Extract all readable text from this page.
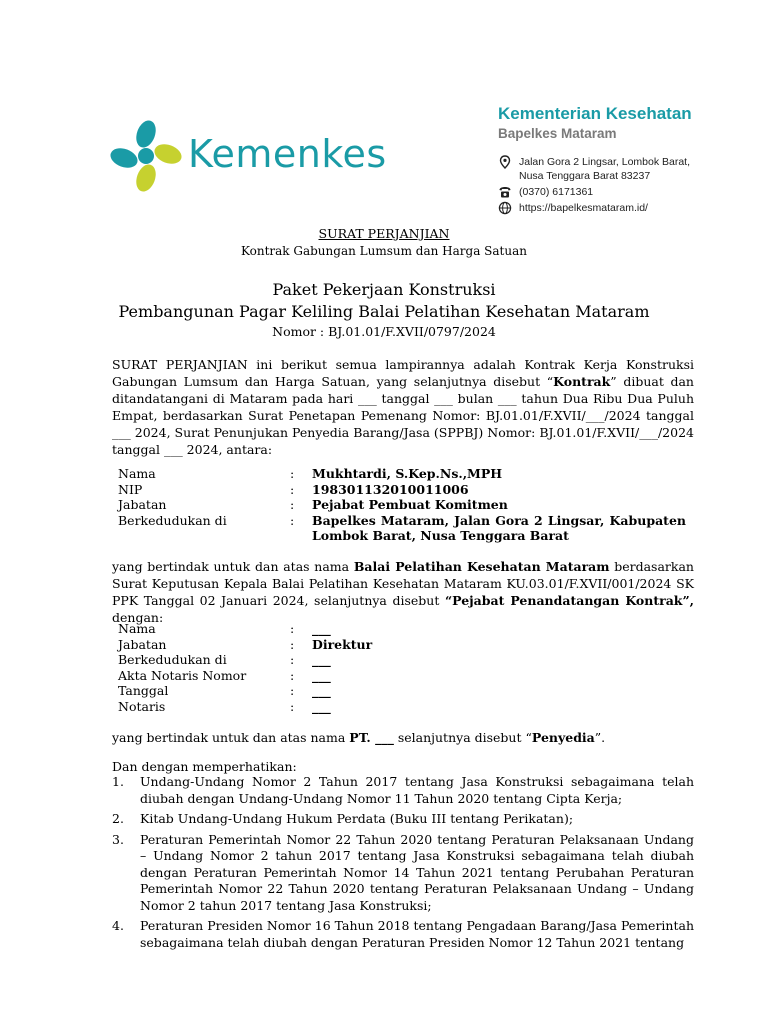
Kemenkes
Kementerian Kesehatan
Bapelkes Mataram
Jalan Gora 2 Lingsar, Lombok Barat,
Nusa Tenggara Barat 83237
(0370) 6171361
https://bapelkesmataram.id/
SURAT PERJANJIAN
Kontrak Gabungan Lumsum dan Harga Satuan
Paket Pekerjaan Konstruksi
Pembangunan Pagar Keliling Balai Pelatihan Kesehatan Mataram
Nomor : BJ.01.01/F.XVII/0797/2024
SURAT PERJANJIAN ini berikut semua lampirannya adalah Kontrak Kerja Konstruksi Gabungan Lumsum dan Harga Satuan, yang selanjutnya disebut “Kontrak” dibuat dan ditandatangani di Mataram pada hari ___ tanggal ___ bulan ___ tahun Dua Ribu Dua Puluh Empat, berdasarkan Surat Penetapan Pemenang Nomor: BJ.01.01/F.XVII/___/2024 tanggal ___ 2024, Surat Penunjukan Penyedia Barang/Jasa (SPPBJ) Nomor: BJ.01.01/F.XVII/___/2024 tanggal ___ 2024, antara:
Nama	:	Mukhtardi, S.Kep.Ns.,MPH
NIP	:	198301132010011006
Jabatan	:	Pejabat Pembuat Komitmen
Berkedudukan di	:	Bapelkes Mataram, Jalan Gora 2 Lingsar, Kabupaten Lombok Barat, Nusa Tenggara Barat
yang bertindak untuk dan atas nama Balai Pelatihan Kesehatan Mataram berdasarkan Surat Keputusan Kepala Balai Pelatihan Kesehatan Mataram KU.03.01/F.XVII/001/2024 SK PPK Tanggal 02 Januari 2024, selanjutnya disebut “Pejabat Penandatangan Kontrak”, dengan:
Nama	:	___
Jabatan	:	Direktur
Berkedudukan di	:	___
Akta Notaris Nomor	:	___
Tanggal	:	___
Notaris	:	___
yang bertindak untuk dan atas nama PT. ___ selanjutnya disebut “Penyedia”.
Dan dengan memperhatikan:
1.	Undang-Undang Nomor 2 Tahun 2017 tentang Jasa Konstruksi sebagaimana telah diubah dengan Undang-Undang Nomor 11 Tahun 2020 tentang Cipta Kerja;
2.	Kitab Undang-Undang Hukum Perdata (Buku III tentang Perikatan);
3.	Peraturan Pemerintah Nomor 22 Tahun 2020 tentang Peraturan Pelaksanaan Undang – Undang Nomor 2 tahun 2017 tentang Jasa Konstruksi sebagaimana telah diubah dengan Peraturan Pemerintah Nomor 14 Tahun 2021 tentang Perubahan Peraturan Pemerintah Nomor 22 Tahun 2020 tentang Peraturan Pelaksanaan Undang – Undang Nomor 2 tahun 2017 tentang Jasa Konstruksi;
4.	Peraturan Presiden Nomor 16 Tahun 2018 tentang Pengadaan Barang/Jasa Pemerintah sebagaimana telah diubah dengan Peraturan Presiden Nomor 12 Tahun 2021 tentang
